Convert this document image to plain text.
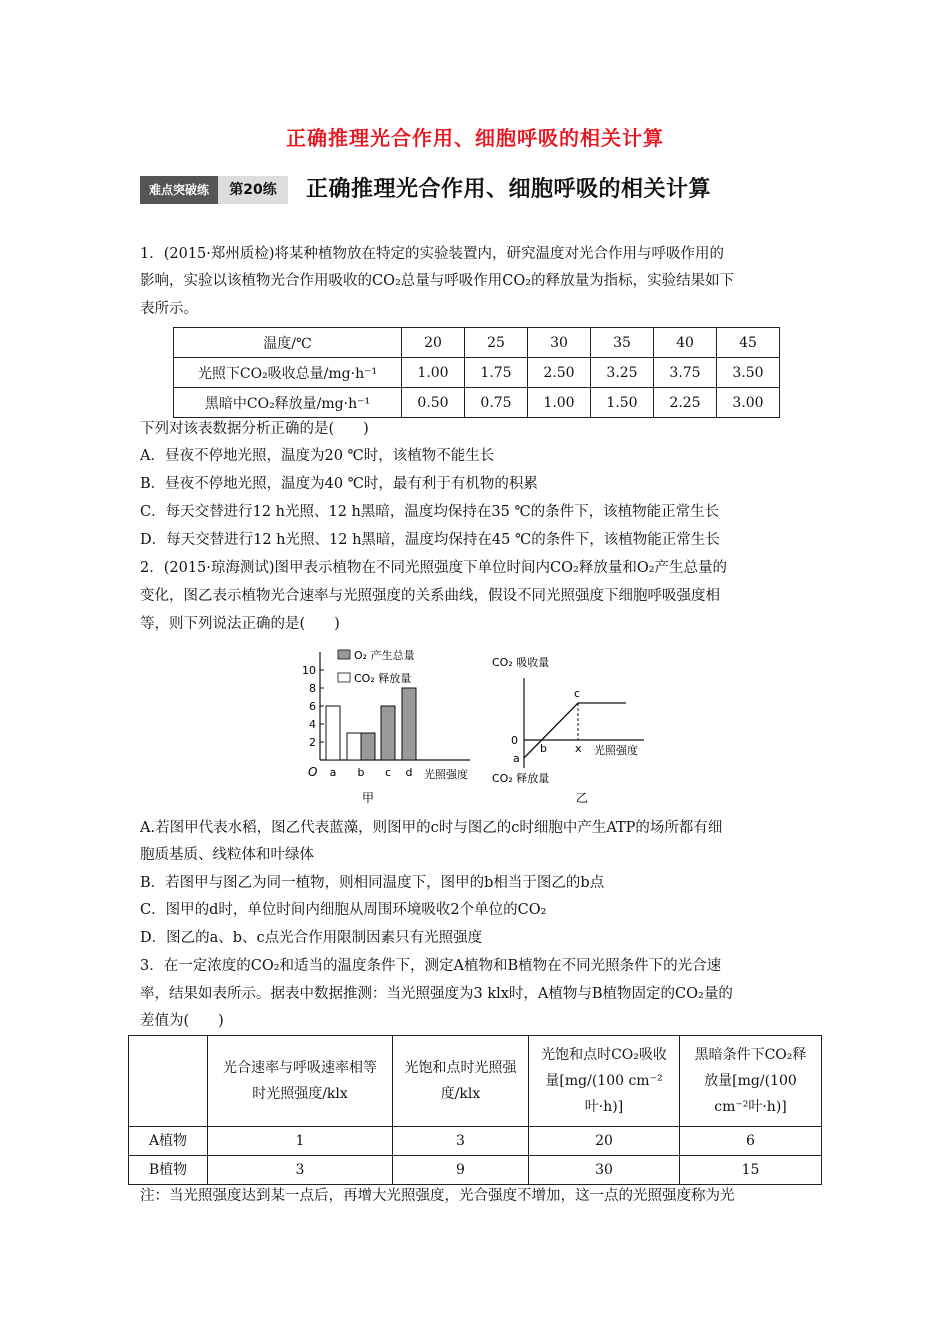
正确推理光合作用、细胞呼吸的相关计算
难点突破练	第20练	正确推理光合作用、细胞呼吸的相关计算
1．(2015·郑州质检)将某种植物放在特定的实验装置内，研究温度对光合作用与呼吸作用的
影响，实验以该植物光合作用吸收的CO₂总量与呼吸作用CO₂的释放量为指标，实验结果如下
表所示。
温度/℃	20	25	30	35	40	45
光照下CO₂吸收总量/mg·h⁻¹	1.00	1.75	2.50	3.25	3.75	3.50
黑暗中CO₂释放量/mg·h⁻¹	0.50	0.75	1.00	1.50	2.25	3.00
下列对该表数据分析正确的是(　　)
A．昼夜不停地光照，温度为20 ℃时，该植物不能生长
B．昼夜不停地光照，温度为40 ℃时，最有利于有机物的积累
C．每天交替进行12 h光照、12 h黑暗，温度均保持在35 ℃的条件下，该植物能正常生长
D．每天交替进行12 h光照、12 h黑暗，温度均保持在45 ℃的条件下，该植物能正常生长
2．(2015·琼海测试)图甲表示植物在不同光照强度下单位时间内CO₂释放量和O₂产生总量的
变化，图乙表示植物光合速率与光照强度的关系曲线，假设不同光照强度下细胞呼吸强度相
等，则下列说法正确的是(　　)
2
4
6
8
10
a b c d
O₂ 产生总量
CO₂ 释放量
O	光照强度
甲
CO₂ 吸收量
0
a
b
c
x 光照强度
CO₂ 释放量
乙
A.若图甲代表水稻，图乙代表蓝藻，则图甲的c时与图乙的c时细胞中产生ATP的场所都有细
胞质基质、线粒体和叶绿体
B．若图甲与图乙为同一植物，则相同温度下，图甲的b相当于图乙的b点
C．图甲的d时，单位时间内细胞从周围环境吸收2个单位的CO₂
D．图乙的a、b、c点光合作用限制因素只有光照强度
3．在一定浓度的CO₂和适当的温度条件下，测定A植物和B植物在不同光照条件下的光合速
率，结果如表所示。据表中数据推测：当光照强度为3 klx时，A植物与B植物固定的CO₂量的
差值为(　　)
	光合速率与呼吸速率相等时光照强度/klx	光饱和点时光照强度/klx	光饱和点时CO₂吸收量[mg/(100 cm⁻²叶·h)]	黑暗条件下CO₂释放量[mg/(100 cm⁻²叶·h)]
A植物	1	3	20	6
B植物	3	9	30	15
注：当光照强度达到某一点后，再增大光照强度，光合强度不增加，这一点的光照强度称为光
